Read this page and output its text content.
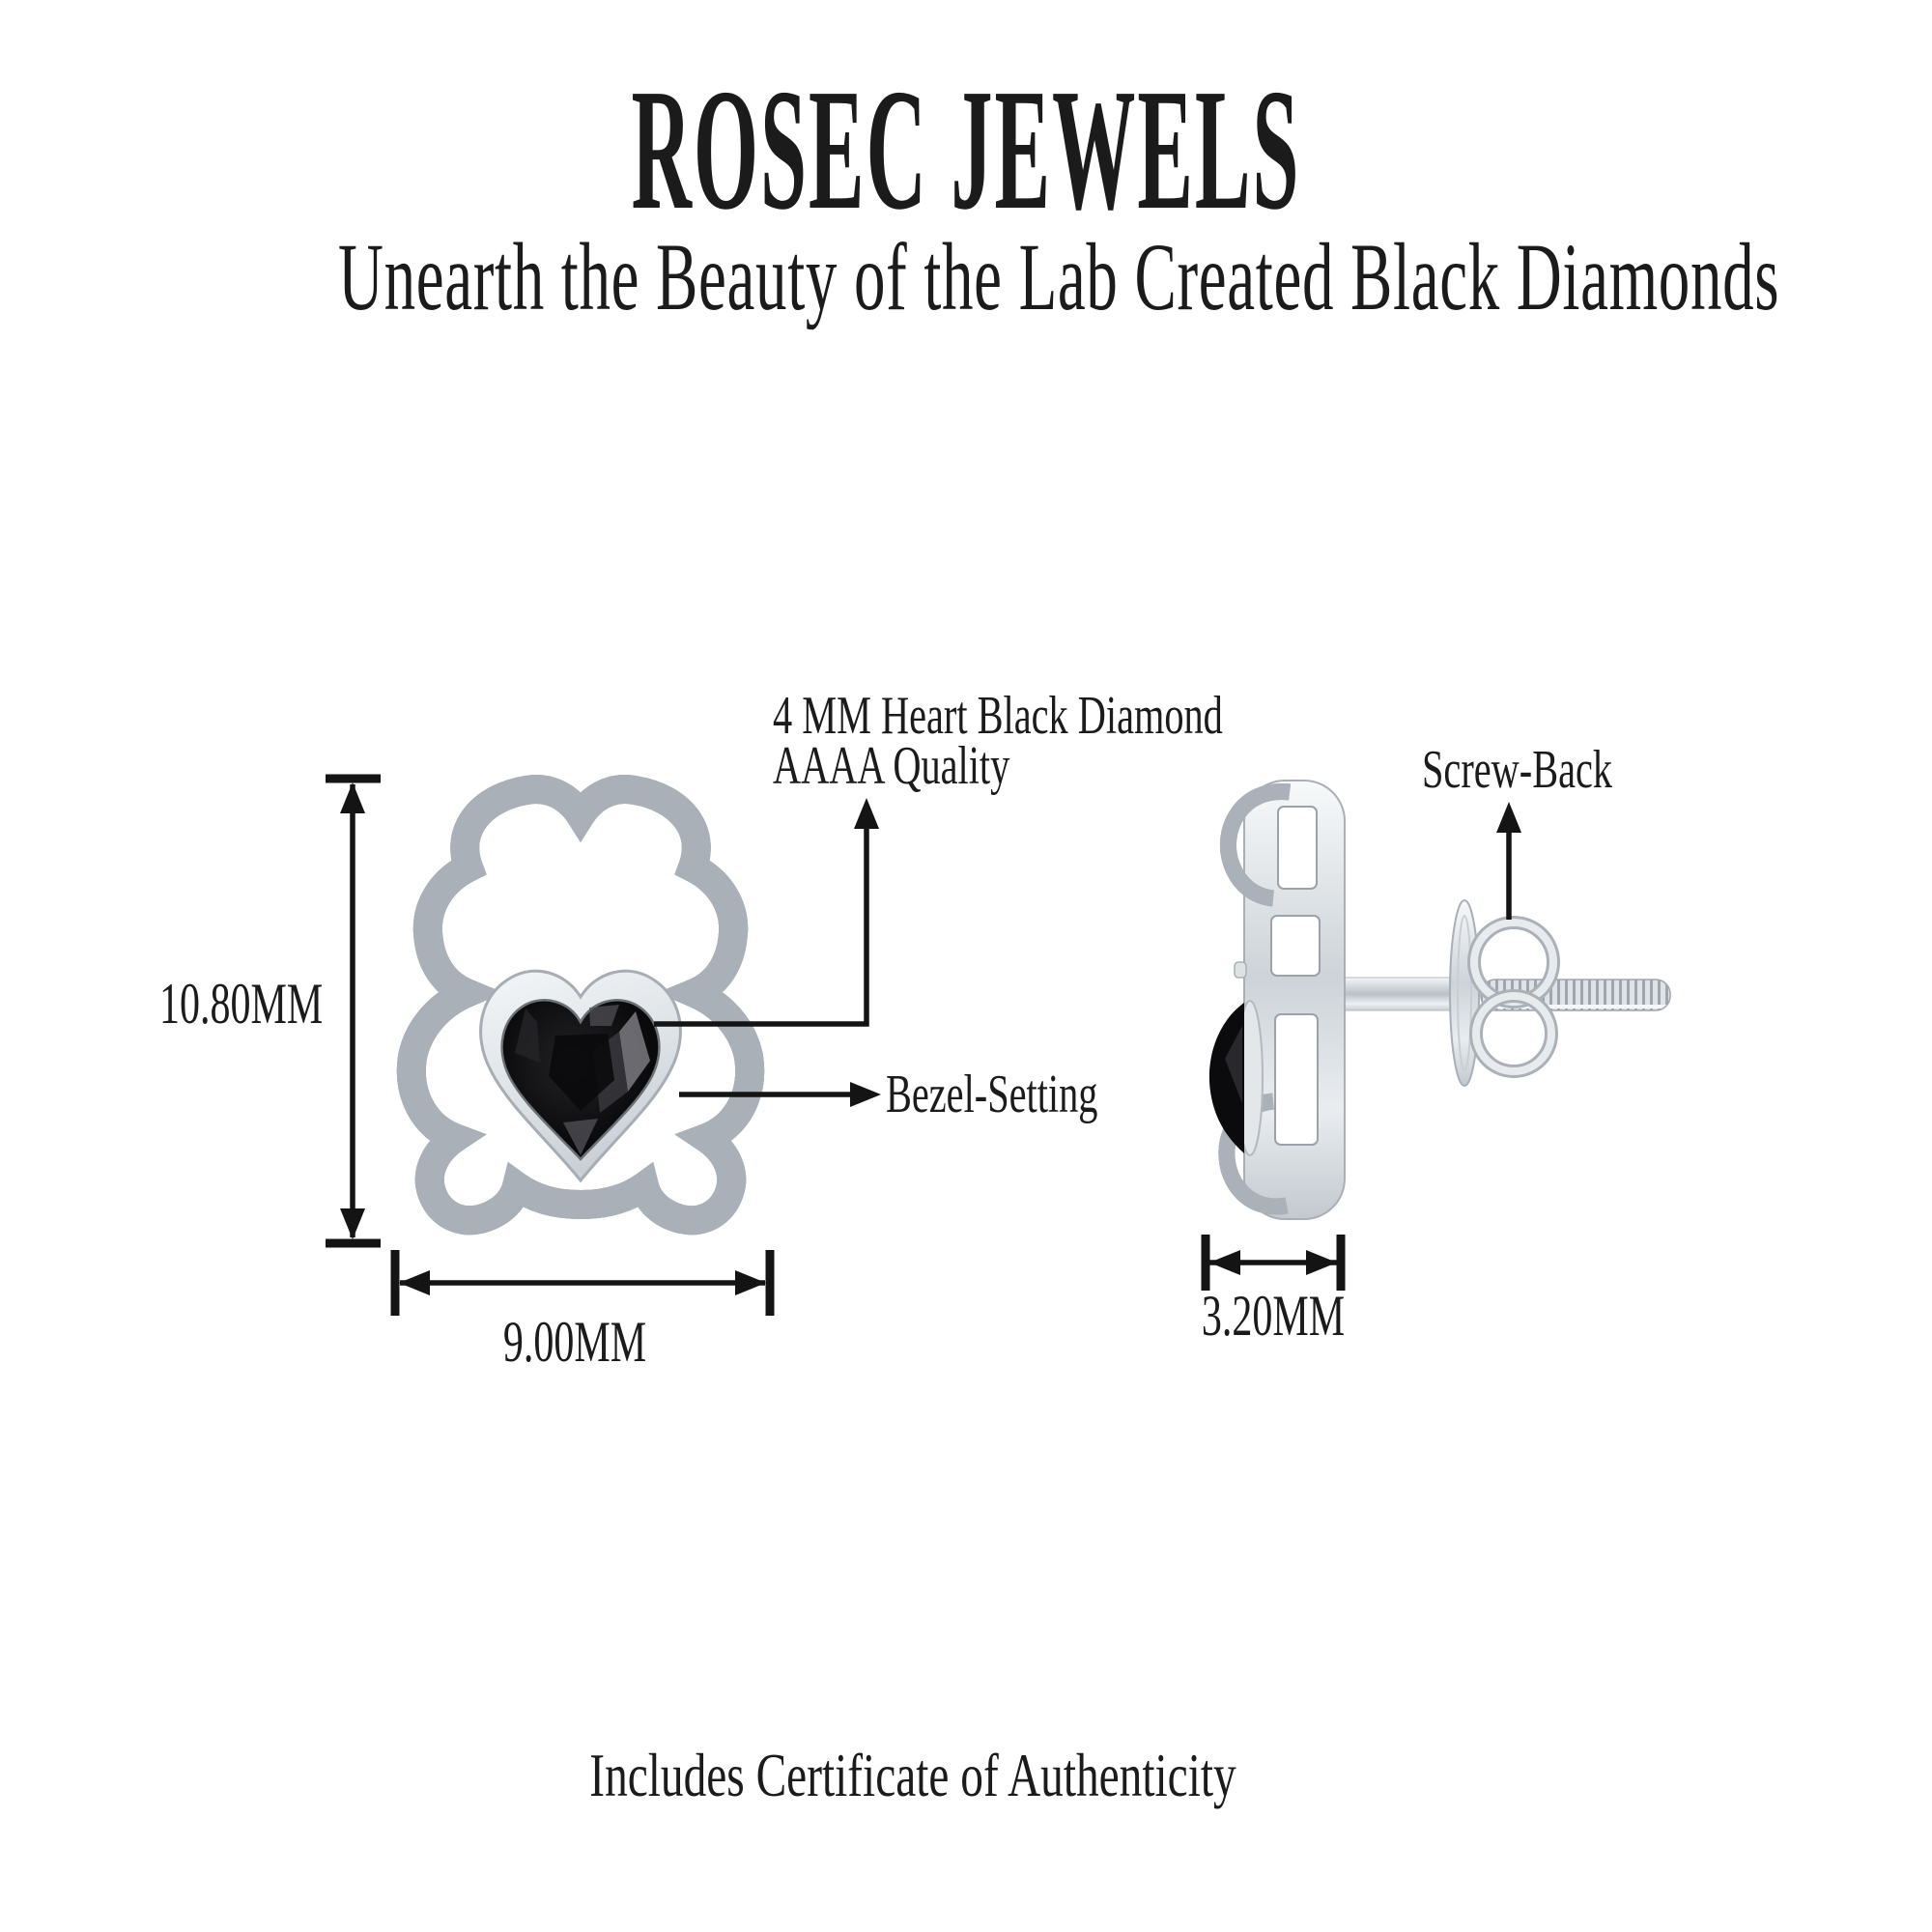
ROSEC JEWELS
Unearth the Beauty of the Lab Created Black Diamonds
4 MM Heart Black Diamond
AAAA Quality	Screw-Back
Bezel-Setting
10.80MM
9.00MM	3.20MM
Includes Certificate of Authenticity
